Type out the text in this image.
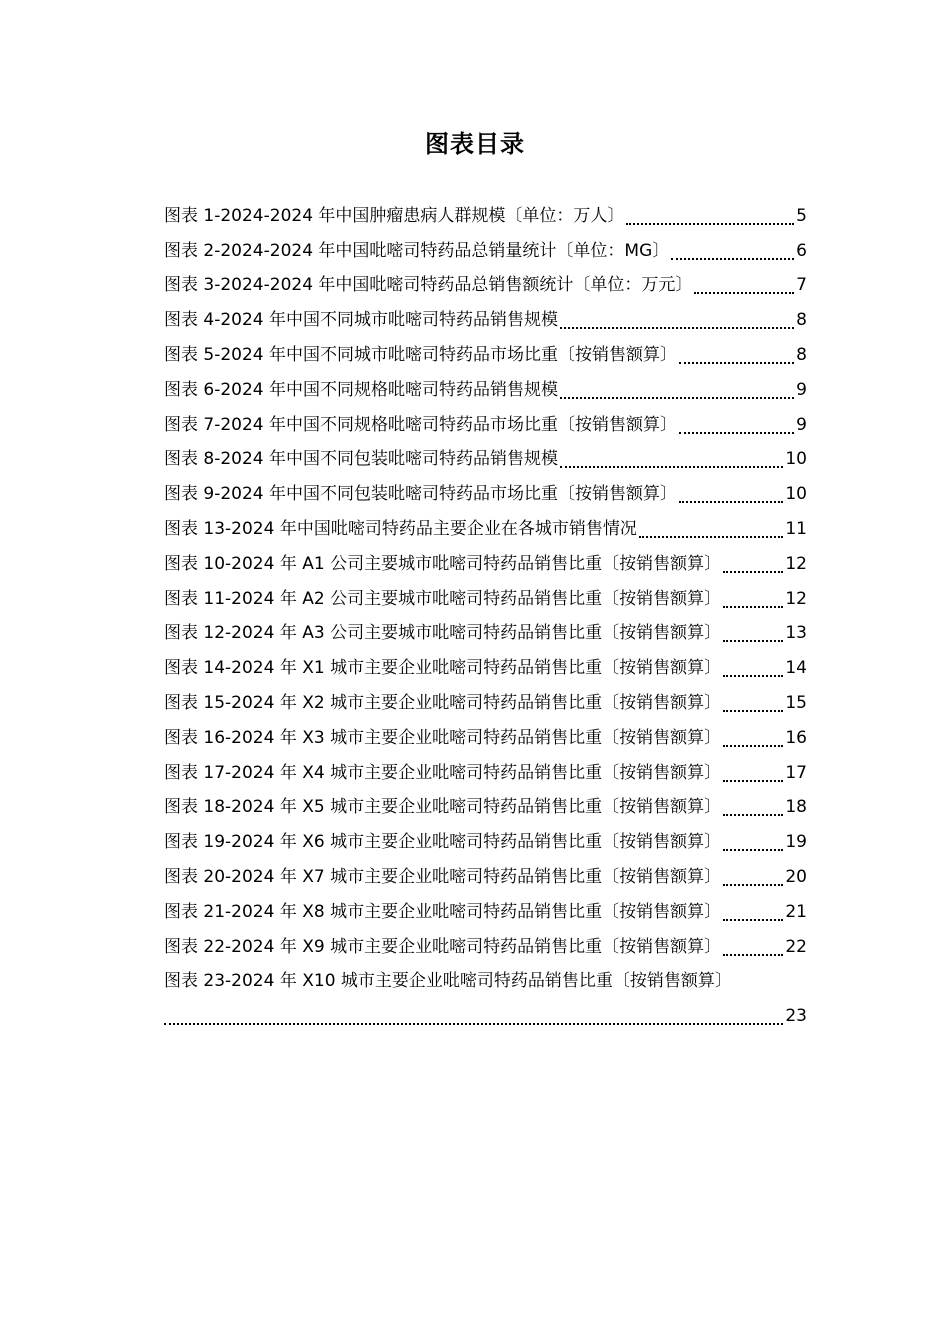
图表目录
图表 1-2024-2024 年中国肿瘤患病人群规模〔单位：万人〕	5
图表 2-2024-2024 年中国吡嘧司特药品总销量统计〔单位：MG〕	6
图表 3-2024-2024 年中国吡嘧司特药品总销售额统计〔单位：万元〕	7
图表 4-2024 年中国不同城市吡嘧司特药品销售规模	8
图表 5-2024 年中国不同城市吡嘧司特药品市场比重〔按销售额算〕	8
图表 6-2024 年中国不同规格吡嘧司特药品销售规模	9
图表 7-2024 年中国不同规格吡嘧司特药品市场比重〔按销售额算〕	9
图表 8-2024 年中国不同包装吡嘧司特药品销售规模	10
图表 9-2024 年中国不同包装吡嘧司特药品市场比重〔按销售额算〕	10
图表 13-2024 年中国吡嘧司特药品主要企业在各城市销售情况	11
图表 10-2024 年 A1 公司主要城市吡嘧司特药品销售比重〔按销售额算〕	12
图表 11-2024 年 A2 公司主要城市吡嘧司特药品销售比重〔按销售额算〕	12
图表 12-2024 年 A3 公司主要城市吡嘧司特药品销售比重〔按销售额算〕	13
图表 14-2024 年 X1 城市主要企业吡嘧司特药品销售比重〔按销售额算〕	14
图表 15-2024 年 X2 城市主要企业吡嘧司特药品销售比重〔按销售额算〕	15
图表 16-2024 年 X3 城市主要企业吡嘧司特药品销售比重〔按销售额算〕	16
图表 17-2024 年 X4 城市主要企业吡嘧司特药品销售比重〔按销售额算〕	17
图表 18-2024 年 X5 城市主要企业吡嘧司特药品销售比重〔按销售额算〕	18
图表 19-2024 年 X6 城市主要企业吡嘧司特药品销售比重〔按销售额算〕	19
图表 20-2024 年 X7 城市主要企业吡嘧司特药品销售比重〔按销售额算〕	20
图表 21-2024 年 X8 城市主要企业吡嘧司特药品销售比重〔按销售额算〕	21
图表 22-2024 年 X9 城市主要企业吡嘧司特药品销售比重〔按销售额算〕	22
图表 23-2024 年 X10 城市主要企业吡嘧司特药品销售比重〔按销售额算〕
23
